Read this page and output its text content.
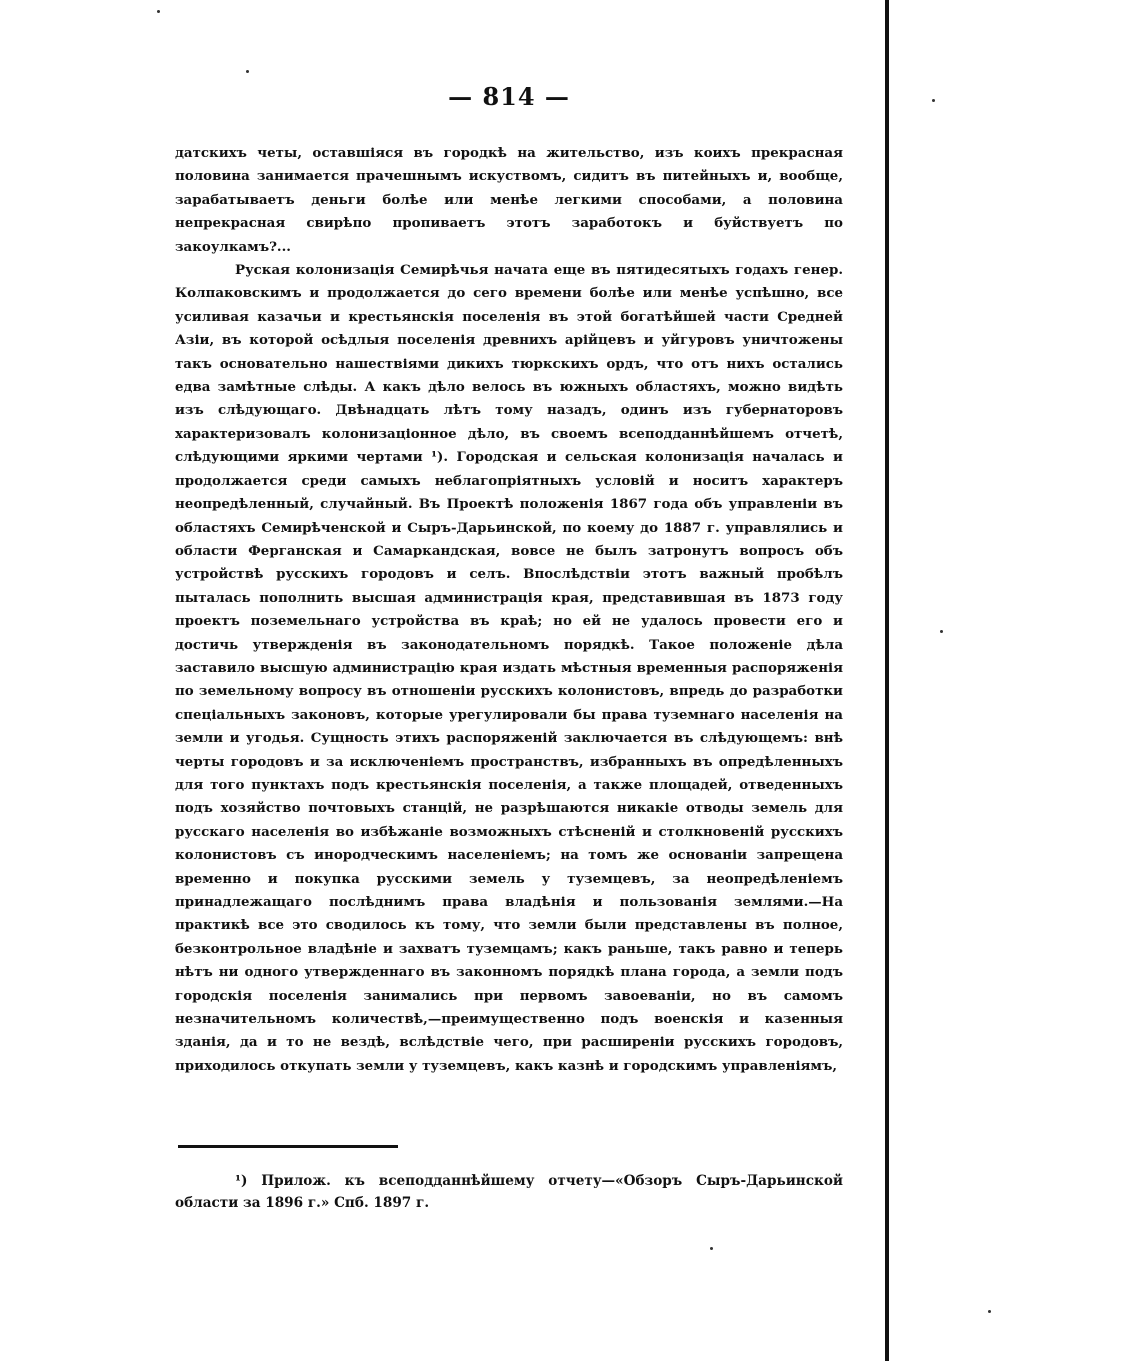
— 814 —

датскихъ четы, оставшіяся въ городкѣ на жительство, изъ коихъ прекрасная половина занимается прачешнымъ искуствомъ, сидитъ въ питейныхъ и, вообще, зарабатываетъ деньги болѣе или менѣе легкими способами, а половина непрекрасная свирѣпо пропиваетъ этотъ заработокъ и буйствуетъ по закоулкамъ?...

Руская колонизація Семирѣчья начата еще въ пятидесятыхъ годахъ генер. Колпаковскимъ и продолжается до сего времени болѣе или менѣе успѣшно, все усиливая казачьи и крестьянскія поселенія въ этой богатѣйшей части Средней Азіи, въ которой осѣдлыя поселенія древнихъ арійцевъ и уйгуровъ уничтожены такъ основательно нашествіями дикихъ тюркскихъ ордъ, что отъ нихъ остались едва замѣтные слѣды. А какъ дѣло велось въ южныхъ областяхъ, можно видѣть изъ слѣдующаго. Двѣнадцать лѣтъ тому назадъ, одинъ изъ губернаторовъ характеризовалъ колонизаціонное дѣло, въ своемъ всеподданнѣйшемъ отчетѣ, слѣдующими яркими чертами ¹). Городская и сельская колонизація началась и продолжается среди самыхъ неблагопріятныхъ условій и носитъ характеръ неопредѣленный, случайный. Въ Проектѣ положенія 1867 года объ управленіи въ областяхъ Семирѣченской и Сыръ-Дарьинской, по коему до 1887 г. управлялись и области Ферганская и Самаркандская, вовсе не былъ затронутъ вопросъ объ устройствѣ русскихъ городовъ и селъ. Впослѣдствіи этотъ важный пробѣлъ пыталась пополнить высшая администрація края, представившая въ 1873 году проектъ поземельнаго устройства въ краѣ; но ей не удалось провести его и достичь утвержденія въ законодательномъ порядкѣ. Такое положеніе дѣла заставило высшую администрацію края издать мѣстныя временныя распоряженія по земельному вопросу въ отношеніи русскихъ колонистовъ, впредь до разработки спеціальныхъ законовъ, которые урегулировали бы права туземнаго населенія на земли и угодья. Сущность этихъ распоряженій заключается въ слѣдующемъ: внѣ черты городовъ и за исключеніемъ пространствъ, избранныхъ въ опредѣленныхъ для того пунктахъ подъ крестьянскія поселенія, а также площадей, отведенныхъ подъ хозяйство почтовыхъ станцій, не разрѣшаются никакіе отводы земель для русскаго населенія во избѣжаніе возможныхъ стѣсненій и столкновеній русскихъ колонистовъ съ инородческимъ населеніемъ; на томъ же основаніи запрещена временно и покупка русскими земель у туземцевъ, за неопредѣленіемъ принадлежащаго послѣднимъ права владѣнія и пользованія землями.—На практикѣ все это сводилось къ тому, что земли были представлены въ полное, безконтрольное владѣніе и захватъ туземцамъ; какъ раньше, такъ равно и теперь нѣтъ ни одного утвержденнаго въ законномъ порядкѣ плана города, а земли подъ городскія поселенія занимались при первомъ завоеваніи, но въ самомъ незначительномъ количествѣ,—преимущественно подъ военскія и казенныя зданія, да и то не вездѣ, вслѣдствіе чего, при расширеніи русскихъ городовъ, приходилось откупать земли у туземцевъ, какъ казнѣ и городскимъ управленіямъ,

¹) Прилож. къ всеподданнѣйшему отчету—«Обзоръ Сыръ-Дарьинской области за 1896 г.» Спб. 1897 г.
